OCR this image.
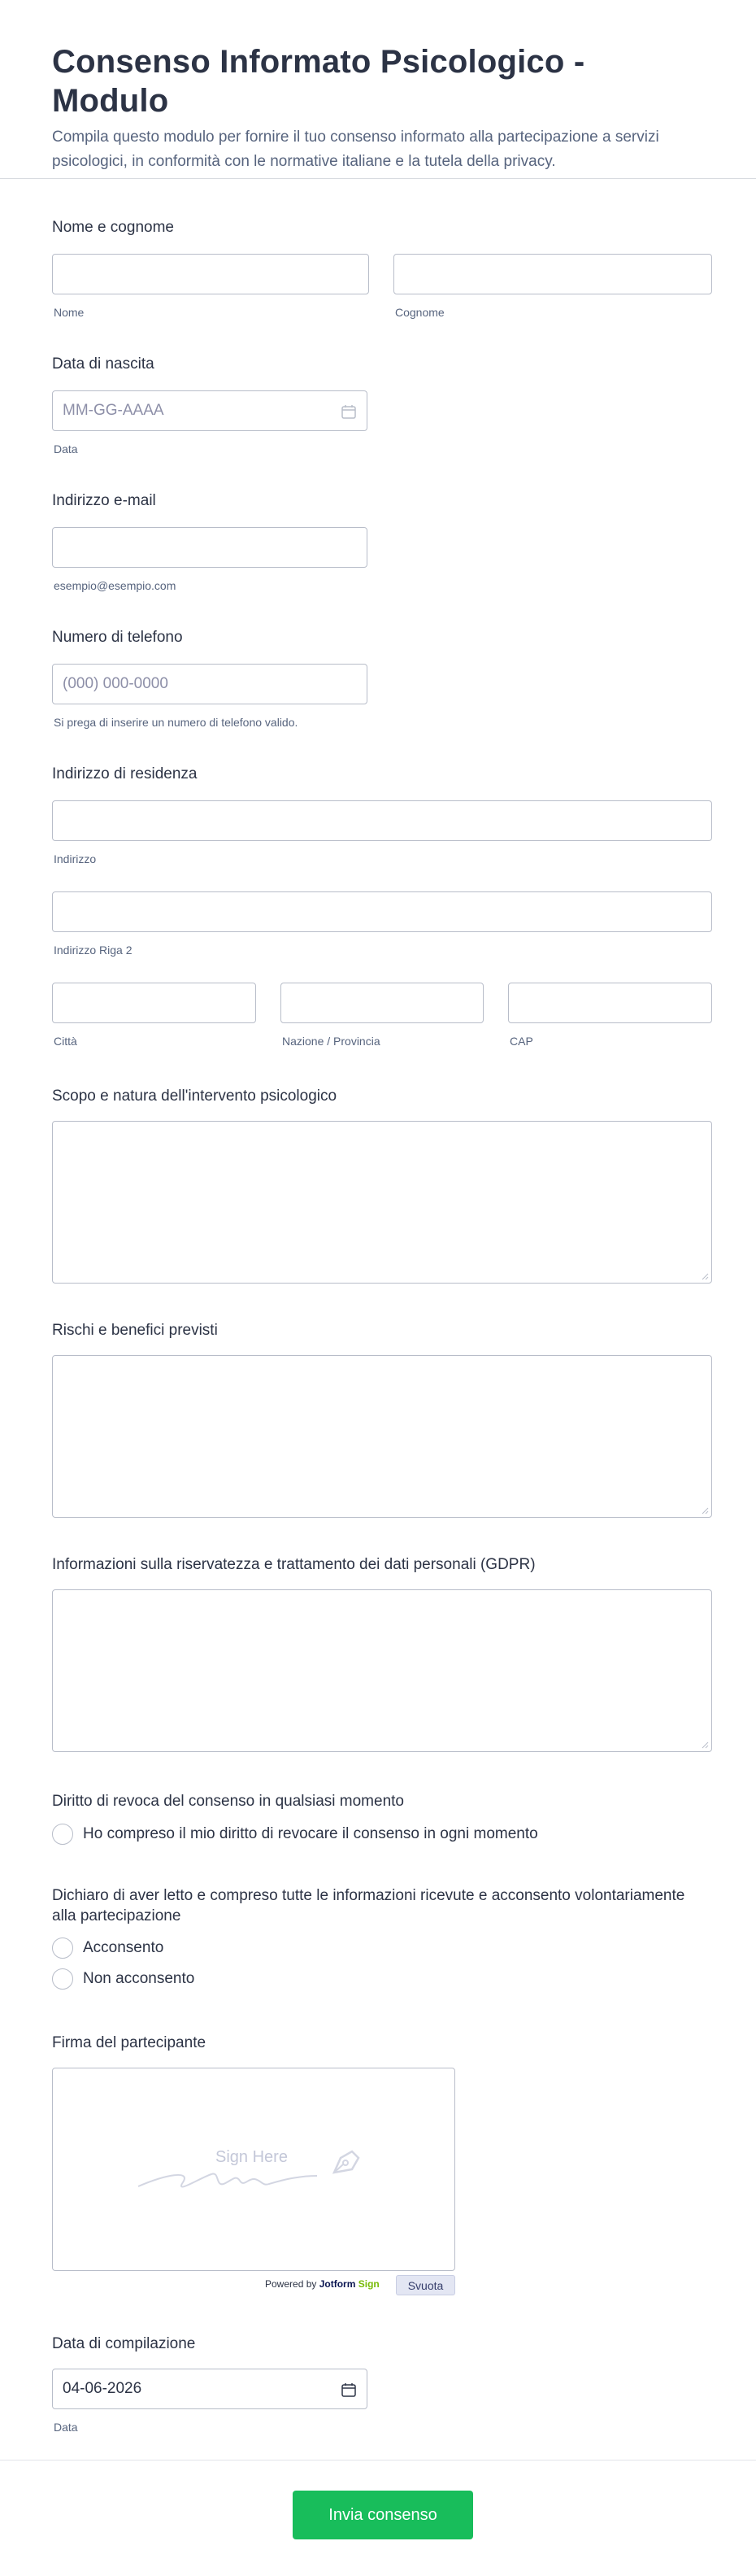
Consenso Informato Psicologico - Modulo

Compila questo modulo per fornire il tuo consenso informato alla partecipazione a servizi psicologici, in conformità con le normative italiane e la tutela della privacy.

Nome e cognome
Nome	Cognome
Data di nascita
MM-GG-AAAA
Data
Indirizzo e-mail
esempio@esempio.com
Numero di telefono
(000) 000-0000
Si prega di inserire un numero di telefono valido.
Indirizzo di residenza
Indirizzo
Indirizzo Riga 2
Città	Nazione / Provincia	CAP
Scopo e natura dell'intervento psicologico
Rischi e benefici previsti
Informazioni sulla riservatezza e trattamento dei dati personali (GDPR)
Diritto di revoca del consenso in qualsiasi momento
Ho compreso il mio diritto di revocare il consenso in ogni momento
Dichiaro di aver letto e compreso tutte le informazioni ricevute e acconsento volontariamente alla partecipazione
Acconsento
Non acconsento
Firma del partecipante
Sign Here
Powered by Jotform Sign	Svuota
Data di compilazione
04-06-2026
Data
Invia consenso
